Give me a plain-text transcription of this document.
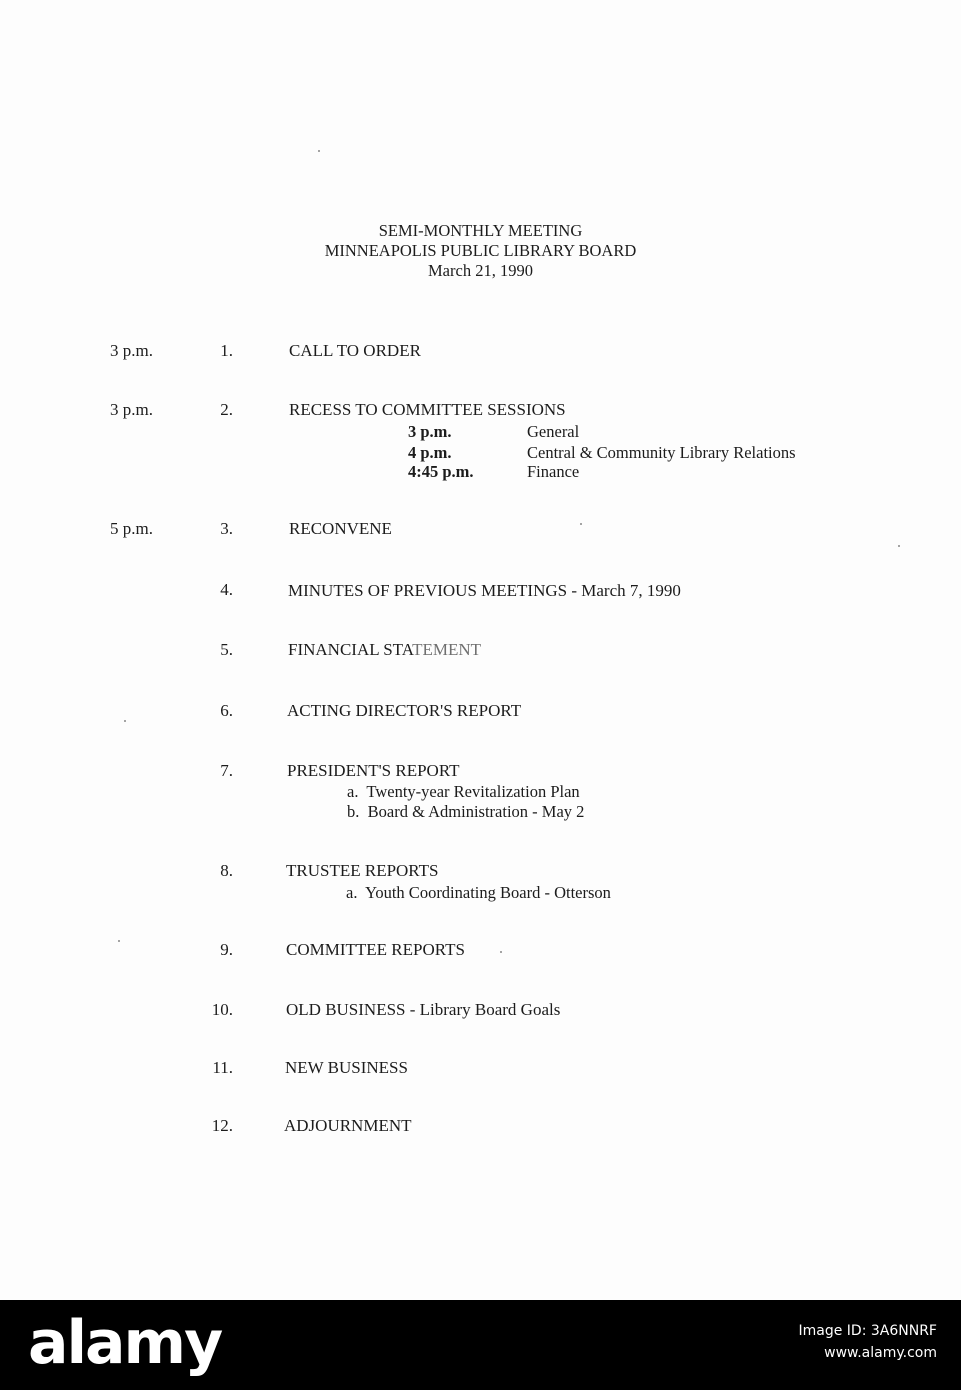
SEMI-MONTHLY MEETING
MINNEAPOLIS PUBLIC LIBRARY BOARD
March 21, 1990
3 p.m.	1.	CALL TO ORDER
3 p.m.	2.	RECESS TO COMMITTEE SESSIONS
3 p.m.	General
4 p.m.	Central & Community Library Relations
4:45 p.m.	Finance
5 p.m.	3.	RECONVENE
4.	MINUTES OF PREVIOUS MEETINGS - March 7, 1990
5.	FINANCIAL STATEMENT
6.	ACTING DIRECTOR'S REPORT
7.	PRESIDENT'S REPORT
a.  Twenty-year Revitalization Plan
b.  Board & Administration - May 2
8.	TRUSTEE REPORTS
a.  Youth Coordinating Board - Otterson
9.	COMMITTEE REPORTS
10.	OLD BUSINESS - Library Board Goals
11.	NEW BUSINESS
12.	ADJOURNMENT
alamy	Image ID: 3A6NNRF
www.alamy.com
